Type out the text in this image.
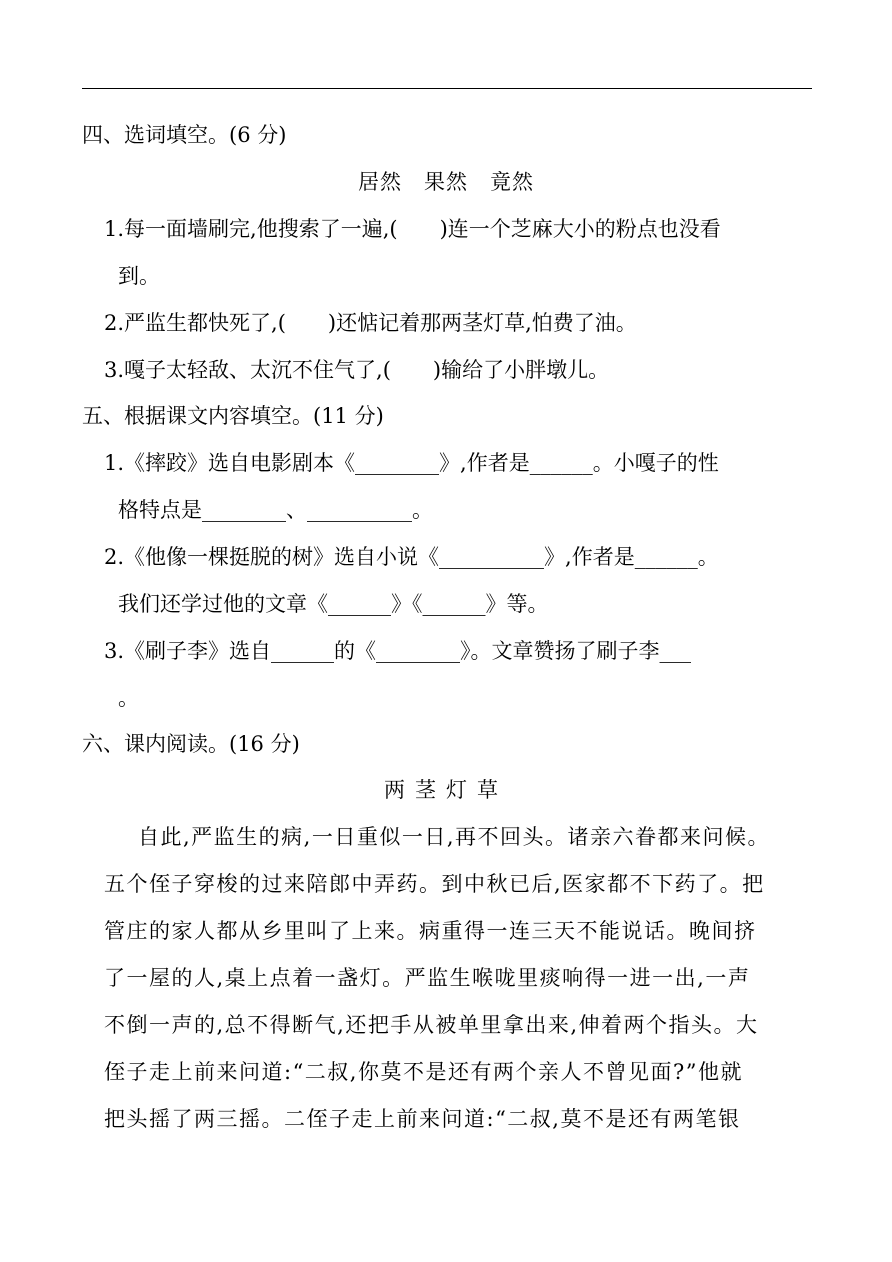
四、选词填空。(6 分)
居然　果然　竟然
1.每一面墙刷完,他搜索了一遍,(　　)连一个芝麻大小的粉点也没看
到。
2.严监生都快死了,(　　)还惦记着那两茎灯草,怕费了油。
3.嘎子太轻敌、太沉不住气了,(　　)输给了小胖墩儿。
五、根据课文内容填空。(11 分)
1.《摔跤》选自电影剧本《________》,作者是______。小嘎子的性
格特点是________、__________。
2.《他像一棵挺脱的树》选自小说《__________》,作者是______。
我们还学过他的文章《______》《______》等。
3.《刷子李》选自______的《________》。文章赞扬了刷子李___
。
六、课内阅读。(16 分)
两茎灯草
自此,严监生的病,一日重似一日,再不回头。诸亲六眷都来问候。
五个侄子穿梭的过来陪郎中弄药。到中秋已后,医家都不下药了。把
管庄的家人都从乡里叫了上来。病重得一连三天不能说话。晚间挤
了一屋的人,桌上点着一盏灯。严监生喉咙里痰响得一进一出,一声
不倒一声的,总不得断气,还把手从被单里拿出来,伸着两个指头。大
侄子走上前来问道:“二叔,你莫不是还有两个亲人不曾见面?”他就
把头摇了两三摇。二侄子走上前来问道:“二叔,莫不是还有两笔银
